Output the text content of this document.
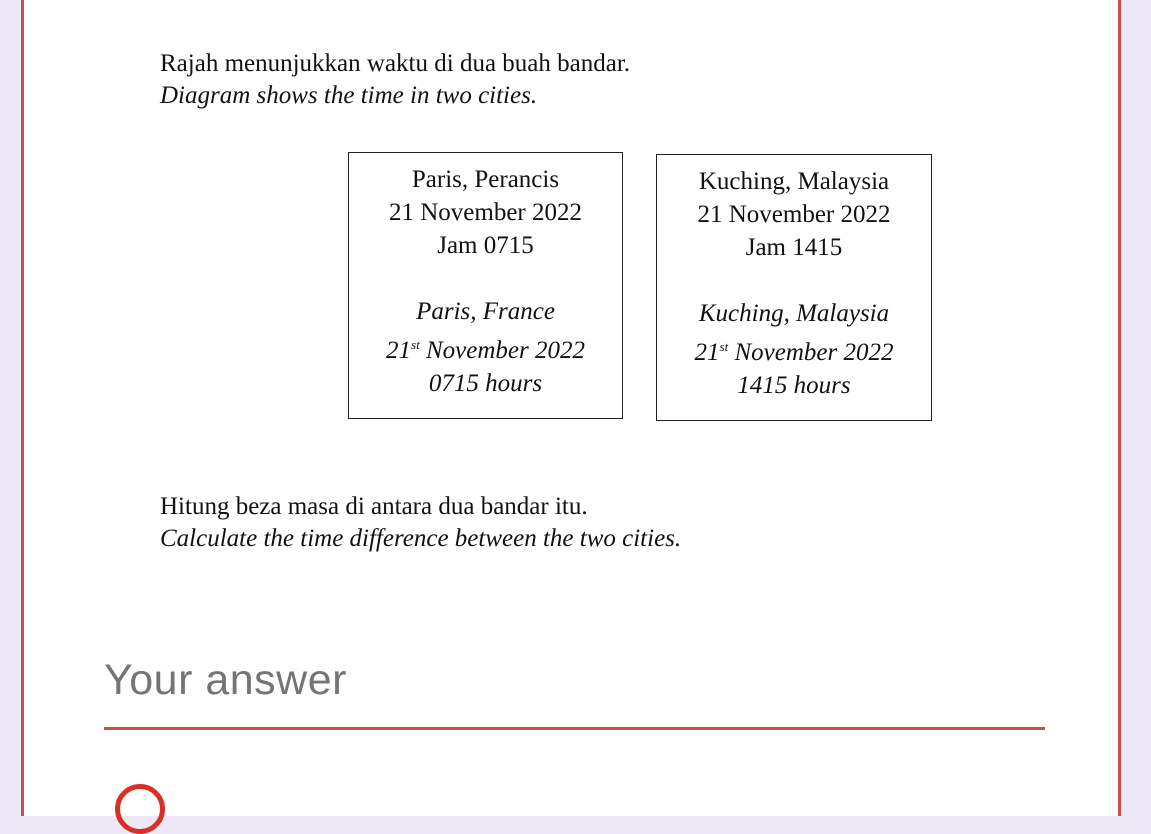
Rajah menunjukkan waktu di dua buah bandar.
Diagram shows the time in two cities.

Paris, Perancis
21 November 2022
Jam 0715
Paris, France
21st November 2022
0715 hours
Kuching, Malaysia
21 November 2022
Jam 1415
Kuching, Malaysia
21st November 2022
1415 hours

Hitung beza masa di antara dua bandar itu.
Calculate the time difference between the two cities.

Your answer
